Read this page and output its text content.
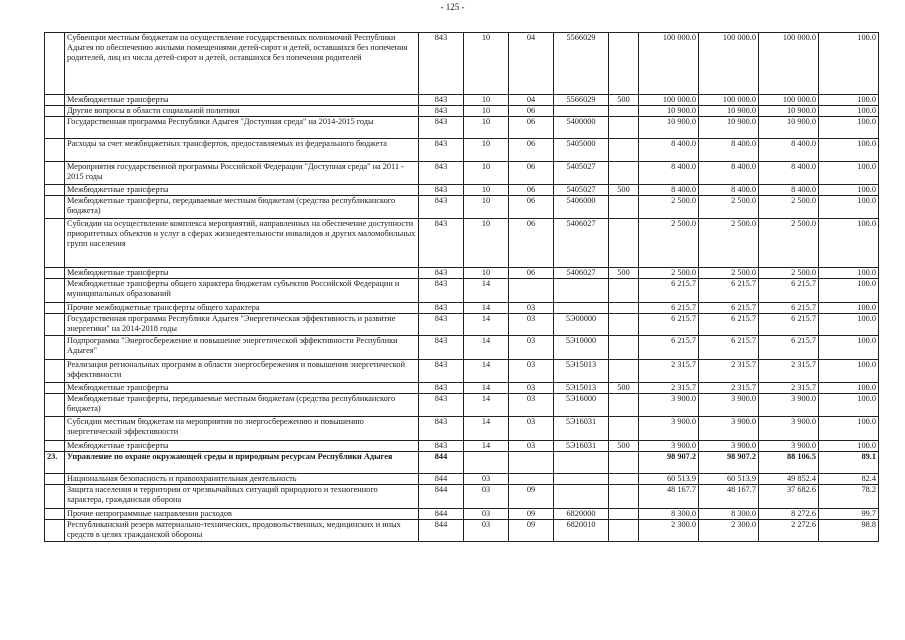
- 125 -
	Субвенции местным бюджетам на осуществление государственных полномочий Республики Адыгея по обеспечению жилыми помещениями детей-сирот и детей, оставшихся без попечения родителей, лиц из числа детей-сирот и детей, оставшихся без попечения родителей	843	10	04	5566029		100 000.0	100 000.0	100 000.0	100.0
	Межбюджетные трансферты	843	10	04	5566029	500	100 000.0	100 000.0	100 000.0	100.0
	Другие вопросы в области социальной политики	843	10	06			10 900.0	10 900.0	10 900.0	100.0
	Государственная программа Республики Адыгея "Доступная среда" на 2014-2015 годы	843	10	06	5400000		10 900.0	10 900.0	10 900.0	100.0
	Расходы за счет межбюджетных трансфертов, предоставляемых из федерального бюджета	843	10	06	5405000		8 400.0	8 400.0	8 400.0	100.0
	Мероприятия государственной программы Российской Федерации "Доступная среда" на 2011 - 2015 годы	843	10	06	5405027		8 400.0	8 400.0	8 400.0	100.0
	Межбюджетные трансферты	843	10	06	5405027	500	8 400.0	8 400.0	8 400.0	100.0
	Межбюджетные трансферты, передаваемые местным бюджетам (средства республиканского бюджета)	843	10	06	5406000		2 500.0	2 500.0	2 500.0	100.0
	Субсидии на осуществление комплекса мероприятий, направленных на обеспечение доступности приоритетных объектов и услуг в сферах жизнедеятельности инвалидов и других маломобильных групп населения	843	10	06	5406027		2 500.0	2 500.0	2 500.0	100.0
	Межбюджетные трансферты	843	10	06	5406027	500	2 500.0	2 500.0	2 500.0	100.0
	Межбюджетные трансферты общего характера бюджетам субъектов Российской Федерации и муниципальных образований	843	14				6 215.7	6 215.7	6 215.7	100.0
	Прочие межбюджетные трансферты общего характера	843	14	03			6 215.7	6 215.7	6 215.7	100.0
	Государственная программа Республики Адыгея "Энергетическая эффективность и развитие энергетики" на 2014-2018 годы	843	14	03	5Э00000		6 215.7	6 215.7	6 215.7	100.0
	Подпрограмма "Энергосбережение и повышение энергетической эффективности Республики Адыгея"	843	14	03	5Э10000		6 215.7	6 215.7	6 215.7	100.0
	Реализация региональных программ в области энергосбережения и повышения энергетической эффективности	843	14	03	5Э15013		2 315.7	2 315.7	2 315.7	100.0
	Межбюджетные трансферты	843	14	03	5Э15013	500	2 315.7	2 315.7	2 315.7	100.0
	Межбюджетные трансферты, передаваемые местным бюджетам (средства республиканского бюджета)	843	14	03	5Э16000		3 900.0	3 900.0	3 900.0	100.0
	Субсидии местным бюджетам на мероприятия по энергосбережению и повышению энергетической эффективности	843	14	03	5Э16031		3 900.0	3 900.0	3 900.0	100.0
	Межбюджетные трансферты	843	14	03	5Э16031	500	3 900.0	3 900.0	3 900.0	100.0
23.	Управление по охране окружающей среды и природным ресурсам Республики Адыгея	844					98 907.2	98 907.2	88 106.5	89.1
	Национальная безопасность и правоохранительная деятельность	844	03				60 513.9	60 513.9	49 852.4	82.4
	Защита населения и территории от чрезвычайных ситуаций природного и техногенного характера, гражданская оборона	844	03	09			48 167.7	48 167.7	37 682.6	78.2
	Прочие непрограммные направления расходов	844	03	09	6820000		8 300.0	8 300.0	8 272.6	99.7
	Республиканский резерв материально-технических, продовольственных, медицинских и иных средств в целях гражданской обороны	844	03	09	6820010		2 300.0	2 300.0	2 272.6	98.8
